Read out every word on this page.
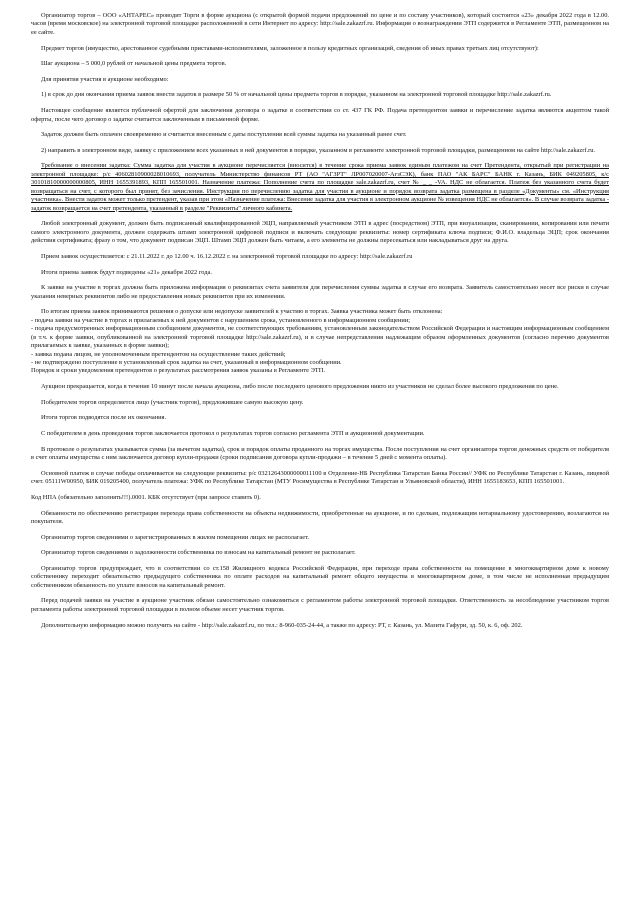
Организатор торгов – ООО «АНТАРЕС» проводит Торги в форме аукциона (с открытой формой подачи предложений по цене и по составу участников), который состоится «23» декабря 2022 года в 12.00. часов (время московское) на электронной торговой площадке расположенной в сети Интернет по адресу: http://sale.zakazrf.ru. Информация о вознаграждении ЭТП содержится в Регламенте ЭТП, размещенном на ее сайте.

Предмет торгов (имущество, арестованное судебными приставами-исполнителями, заложенное в пользу кредитных организаций, сведения об иных правах третьих лиц отсутствуют):

Шаг аукциона – 5 000,0 рублей от начальной цены предмета торгов.

Для принятия участия в аукционе необходимо:

1) в срок до дня окончания приема заявок внести задаток в размере 50 % от начальной цены предмета торгов в порядке, указанном на электронной торговой площадке http://sale.zakazrf.ru.

Настоящее сообщение является публичной офертой для заключения договора о задатке в соответствии со ст. 437 ГК РФ. Подача претендентом заявки и перечисление задатка являются акцептом такой оферты, после чего договор о задатке считается заключенным в письменной форме.

Задаток должен быть оплачен своевременно и считается внесенным с даты поступления всей суммы задатка на указанный ранее счет.

2) направить в электронном виде, заявку с приложением всех указанных в ней документов в порядке, указанном в регламенте электронной торговой площадки, размещенном на сайте http://sale.zakazrf.ru.

Требование о внесении задатка: Сумма задатка для участия в аукционе перечисляется (вносится) в течение срока приема заявок единым платежом на счет Претендента, открытый при регистрации на электронной площадке: р/с 40602810900028010693, получатель Министерство финансов РТ (АО "АГЗРТ" ЛР007020007-АгзСЭК), банк ПАО "АК БАРС" БАНК г. Казань, БИК 049205805, к/с 30101810000000000805, ИНН 1655391893, КПП 165501001. Назначение платежа: Пополнение счета по площадке sale.zakazrf.ru, счет № _ _ -VA. НДС не облагается. Платеж без указанного счета будет возвращаться на счет, с которого был принят, без зачисления. Инструкция по перечислению задатка для участия в аукционе и порядок возврата задатка размещена в разделе «Документы» см. «Инструкция участника». Внести задаток может только претендент, указав при этом «Назначение платежа: Внесение задатка для участия в электронном аукционе № извещения НДС не облагается». В случае возврата задатка - задаток возвращается на счет претендента, указанный в разделе "Реквизиты" личного кабинета.

Любой электронный документ, должен быть подписанный квалифицированной ЭЦП, направляемый участником ЭТП в адрес (посредством) ЭТП, при визуализации, сканировании, копировании или печати самого электронного документа, должен содержать штамп электронной цифровой подписи и включать следующие реквизиты: номер сертификата ключа подписи; Ф.И.О. владельца ЭЦП; срок окончания действия сертификата; фразу о том, что документ подписан ЭЦП. Штамп ЭЦП должен быть читаем, а его элементы не должны пересекаться или накладываться друг на друга.

Прием заявок осуществляется: с 21.11.2022 г. до 12.00 ч. 16.12.2022 г. на электронной торговой площадке по адресу: http://sale.zakazrf.ru

Итоги приема заявок будут подведены «21» декабря 2022 года.

К заявке на участие в торгах должна быть приложена информация о реквизитах счета заявителя для перечисления суммы задатка в случае его возврата. Заявитель самостоятельно несет все риски в случае указания неверных реквизитов либо не предоставления новых реквизитов при их изменении.

По итогам приема заявок принимаются решения о допуске или недопуске заявителей к участию в торгах. Заявка участника может быть отклонена:
- подача заявки на участие в торгах и прилагаемых к ней документов с нарушением срока, установленного в информационном сообщении;
- подача предусмотренных информационным сообщением документов, не соответствующих требованиям, установленным законодательством Российской Федерации и настоящим информационным сообщением (в т.ч. к форме заявки, опубликованной на электронной торговой площадке http://sale.zakazrf.ru), и в случае непредставления надлежащим образом оформленных документов (согласно перечню документов прилагаемых к заявке, указанных в форме заявки);
- заявка подана лицом, не уполномоченным претендентом на осуществление таких действий;
- не подтверждено поступление в установленный срок задатка на счет, указанный в информационном сообщении.
Порядок и сроки уведомления претендентов о результатах рассмотрения заявок указаны в Регламенте ЭТП.

Аукцион прекращается, когда в течение 10 минут после начала аукциона, либо после последнего ценового предложения никто из участников не сделал более высокого предложения по цене.

Победителем торгов определяется лицо (участник торгов), предложившее самую высокую цену.

Итоги торгов подводятся после их окончания.

С победителем в день проведения торгов заключается протокол о результатах торгов согласно регламента ЭТП и аукционной документации.

В протоколе о результатах указывается сумма (за вычетом задатка), срок и порядок оплаты проданного на торгах имущества. После поступления на счет организатора торгов денежных средств от победителя в счет оплаты имущества с ним заключается договор купли-продажи (сроки подписания договора купли-продажи – в течение 5 дней с момента оплаты).

Основной платеж в случае победы оплачивается на следующие реквизиты: р/с 03212643000000011100 в Отделение-НБ Республика Татарстан Банка России// УФК по Республике Татарстан г. Казань, лицевой счет. 05111W00950, БИК 019205400, получатель платежа: УФК по Республике Татарстан (МТУ Росимущества в Республике Татарстан и Ульяновской области), ИНН 1655183653, КПП 165501001.

Код НПА (обязательно заполнять!!!).0001. КБК отсутствует (при запросе ставить 0).

Обязанности по обеспечению регистрации перехода права собственности на объекты недвижимости, приобретенные на аукционе, и по сделкам, подлежащим нотариальному удостоверению, возлагаются на покупателя.

Организатор торгов сведениями о зарегистрированных в жилом помещении лицах не располагает.

Организатор торгов сведениями о задолженности собственника по взносам на капитальный ремонт не располагает.

Организатор торгов предупреждает, что в соответствии со ст.158 Жилищного кодекса Российской Федерации, при переходе права собственности на помещение в многоквартирном доме к новому собственнику переходит обязательство предыдущего собственника по оплате расходов на капитальный ремонт общего имущества в многоквартирном доме, в том числе не исполненная предыдущим собственником обязанность по уплате взносов на капитальный ремонт.

Перед подачей заявки на участие в аукционе участник обязан самостоятельно ознакомиться с регламентом работы электронной торговой площадки. Ответственность за несоблюдение участником торгов регламента работы электронной торговой площадки в полном объеме несет участник торгов.

Дополнительную информацию можно получить на сайте - http://sale.zakazrf.ru, по тел.: 8-960-035-24-44, а также по адресу: РТ, г. Казань, ул. Мазита Гафури, зд. 50, к. 6, оф. 202.
